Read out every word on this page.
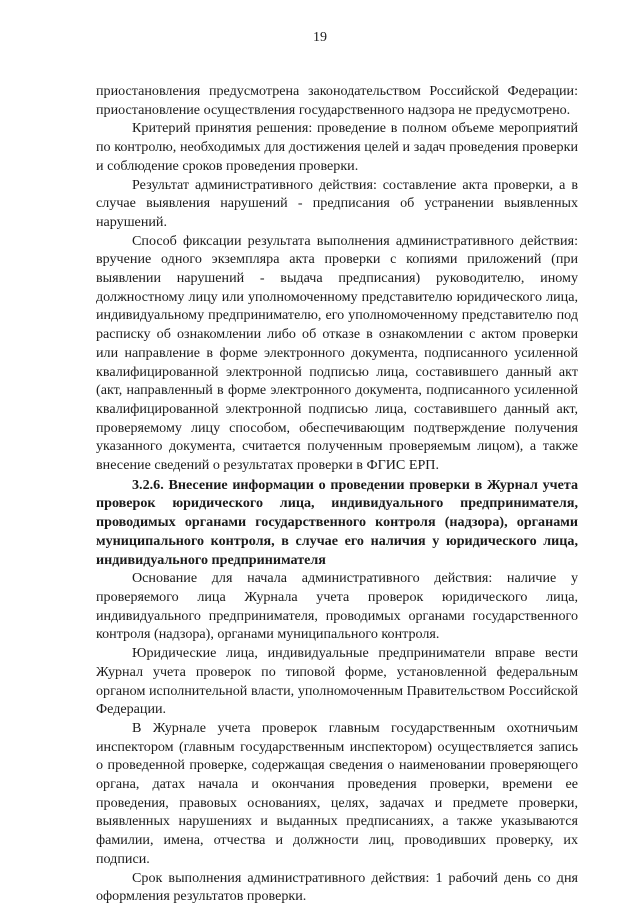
19

приостановления предусмотрена законодательством Российской Федерации: приостановление осуществления государственного надзора не предусмотрено.

Критерий принятия решения: проведение в полном объеме мероприятий по контролю, необходимых для достижения целей и задач проведения проверки и соблюдение сроков проведения проверки.

Результат административного действия: составление акта проверки, а в случае выявления нарушений - предписания об устранении выявленных нарушений.

Способ фиксации результата выполнения административного действия: вручение одного экземпляра акта проверки с копиями приложений (при выявлении нарушений - выдача предписания) руководителю, иному должностному лицу или уполномоченному представителю юридического лица, индивидуальному предпринимателю, его уполномоченному представителю под расписку об ознакомлении либо об отказе в ознакомлении с актом проверки или направление в форме электронного документа, подписанного усиленной квалифицированной электронной подписью лица, составившего данный акт (акт, направленный в форме электронного документа, подписанного усиленной квалифицированной электронной подписью лица, составившего данный акт, проверяемому лицу способом, обеспечивающим подтверждение получения указанного документа, считается полученным проверяемым лицом), а также внесение сведений о результатах проверки в ФГИС ЕРП.

3.2.6. Внесение информации о проведении проверки в Журнал учета проверок юридического лица, индивидуального предпринимателя, проводимых органами государственного контроля (надзора), органами муниципального контроля, в случае его наличия у юридического лица, индивидуального предпринимателя

Основание для начала административного действия: наличие у проверяемого лица Журнала учета проверок юридического лица, индивидуального предпринимателя, проводимых органами государственного контроля (надзора), органами муниципального контроля.

Юридические лица, индивидуальные предприниматели вправе вести Журнал учета проверок по типовой форме, установленной федеральным органом исполнительной власти, уполномоченным Правительством Российской Федерации.

В Журнале учета проверок главным государственным охотничьим инспектором (главным государственным инспектором) осуществляется запись о проведенной проверке, содержащая сведения о наименовании проверяющего органа, датах начала и окончания проведения проверки, времени ее проведения, правовых основаниях, целях, задачах и предмете проверки, выявленных нарушениях и выданных предписаниях, а также указываются фамилии, имена, отчества и должности лиц, проводивших проверку, их подписи.

Срок выполнения административного действия: 1 рабочий день со дня оформления результатов проверки.
